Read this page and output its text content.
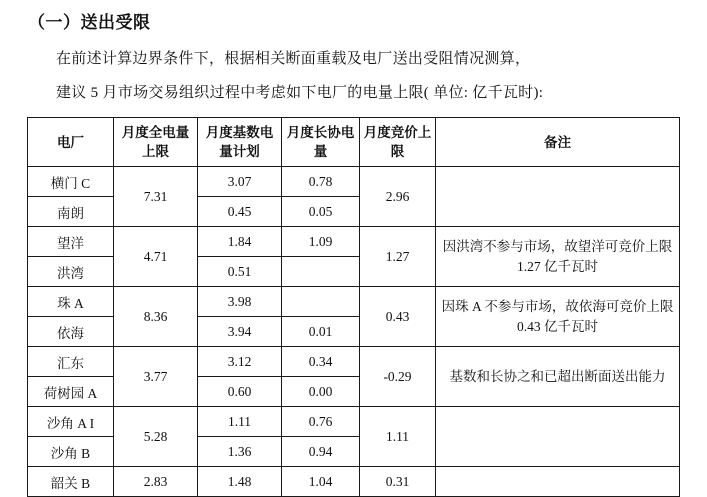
（一）送出受限
在前述计算边界条件下，根据相关断面重载及电厂送出受阻情况测算，
建议 5 月市场交易组织过程中考虑如下电厂的电量上限( 单位: 亿千瓦时):
电厂	月度全电量上限	月度基数电量计划	月度长协电量	月度竞价上限	备注
横门 C	7.31	3.07	0.78	2.96	
南朗		0.45	0.05		
望洋	4.71	1.84	1.09	1.27	因洪湾不参与市场，故望洋可竞价上限 1.27 亿千瓦时
洪湾		0.51			
珠 A	8.36	3.98		0.43	因珠 A 不参与市场，故依海可竞价上限 0.43 亿千瓦时
依海		3.94	0.01		
汇东	3.77	3.12	0.34	-0.29	基数和长协之和已超出断面送出能力
荷树园 A		0.60	0.00		
沙角 A I	5.28	1.11	0.76	1.11	
沙角 B		1.36	0.94		
韶关 B	2.83	1.48	1.04	0.31	
